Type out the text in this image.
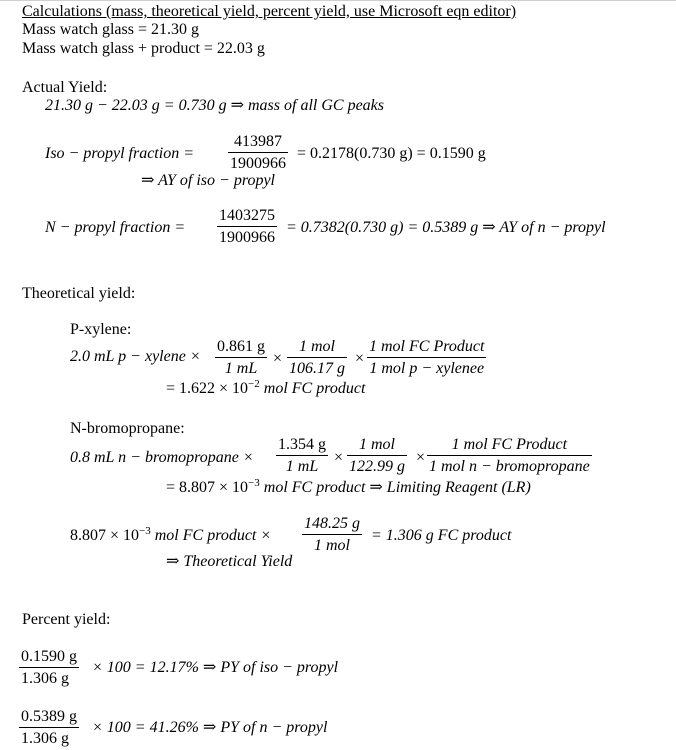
Calculations (mass, theoretical yield, percent yield, use Microsoft eqn editor)
Mass watch glass = 21.30 g
Mass watch glass + product = 22.03 g
Actual Yield:
21.30 g − 22.03 g = 0.730 g ⇒ mass of all GC peaks
Iso − propyl fraction = $\frac{413987}{1900966} = 0.2178(0.730$ g) = 0.1590 g
⇒ AY of iso − propyl
N − propyl fraction = $\frac{1403275}{1900966} = 0.7382(0.730$ g) = 0.5389 g ⇒ AY of n − propyl
Theoretical yield:
P-xylene:
2.0 mL p − xylene × $\frac{0.861 g}{1 mL}$ ×
1 mol
106.17 g
×
1 mol FC Product
1 mol p − xylenee
= $1.622 \times 10^{-2}$ mol FC product
N-bromopropane:
0.8 mL n − bromopropane × $\frac{1.354 g}{1 mL}$ ×
1 mol
122.99 g
×
1 mol FC Product
1 mol n − bromopropane
= $8.807 \times 10^{-3}$ mol FC product ⇒ Limiting Reagent (LR)
$8.807 \times 10^{-3}$ mol FC product ×
148.25 g
1 mol
= 1.306 g FC product
⇒ Theoretical Yield
Percent yield:
$\frac{0.1590 g}{1.306 g} \times 100 = 12.17\%$ ⇒ PY of iso − propyl
$\frac{0.5389 g}{1.306 g} \times 100 = 41.26\%$ ⇒ PY of n − propyl
